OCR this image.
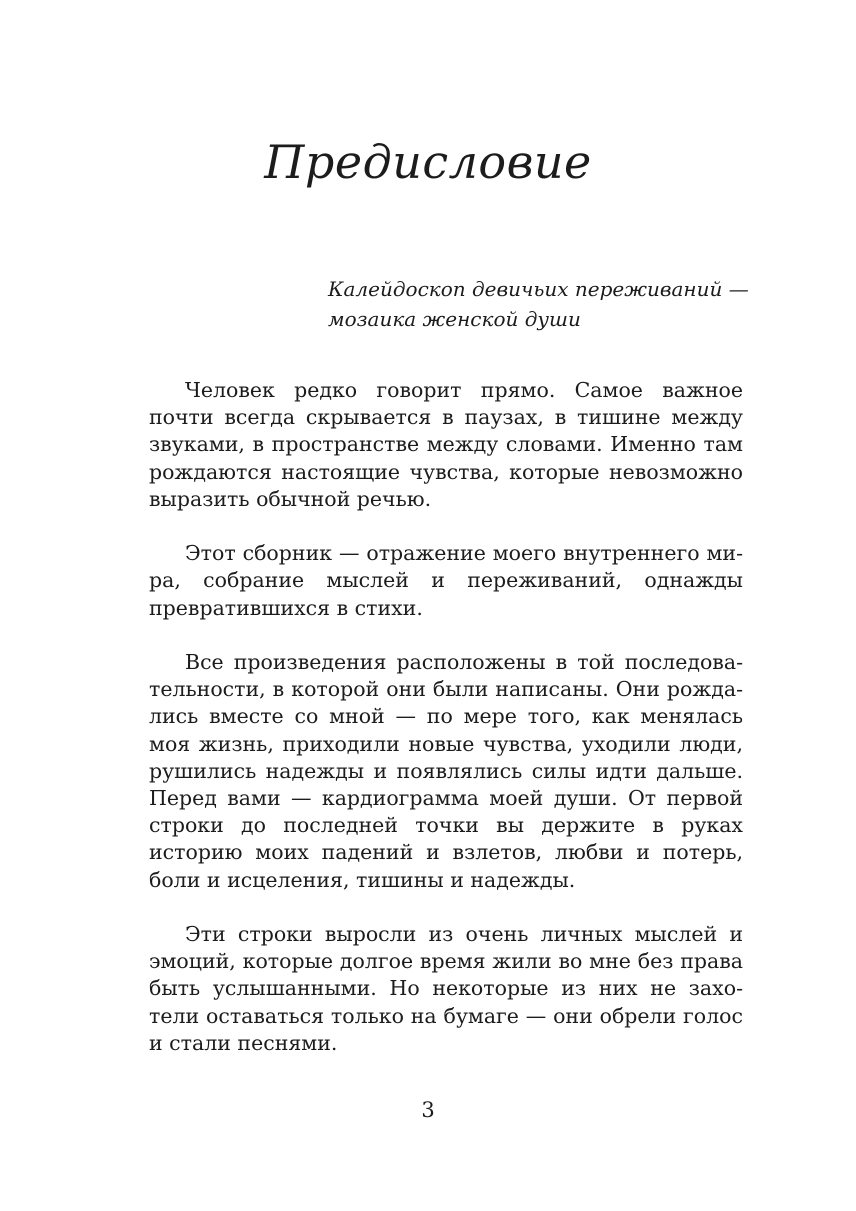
Предисловие
Калейдоскоп девичьих переживаний —
мозаика женской души

Человек редко говорит прямо. Самое важное почти всегда скрывается в паузах, в тишине между звуками, в пространстве между словами. Именно там рождаются настоящие чувства, которые невозможно выразить обычной речью.

Этот сборник — отражение моего внутреннего мира, собрание мыслей и переживаний, однажды превратившихся в стихи.

Все произведения расположены в той последовательности, в которой они были написаны. Они рождались вместе со мной — по мере того, как менялась моя жизнь, приходили новые чувства, уходили люди, рушились надежды и появлялись силы идти дальше. Перед вами — кардиограмма моей души. От первой строки до последней точки вы держите в руках историю моих падений и взлетов, любви и потерь, боли и исцеления, тишины и надежды.

Эти строки выросли из очень личных мыслей и эмоций, которые долгое время жили во мне без права быть услышанными. Но некоторые из них не захотели оставаться только на бумаге — они обрели голос и стали песнями.

3
